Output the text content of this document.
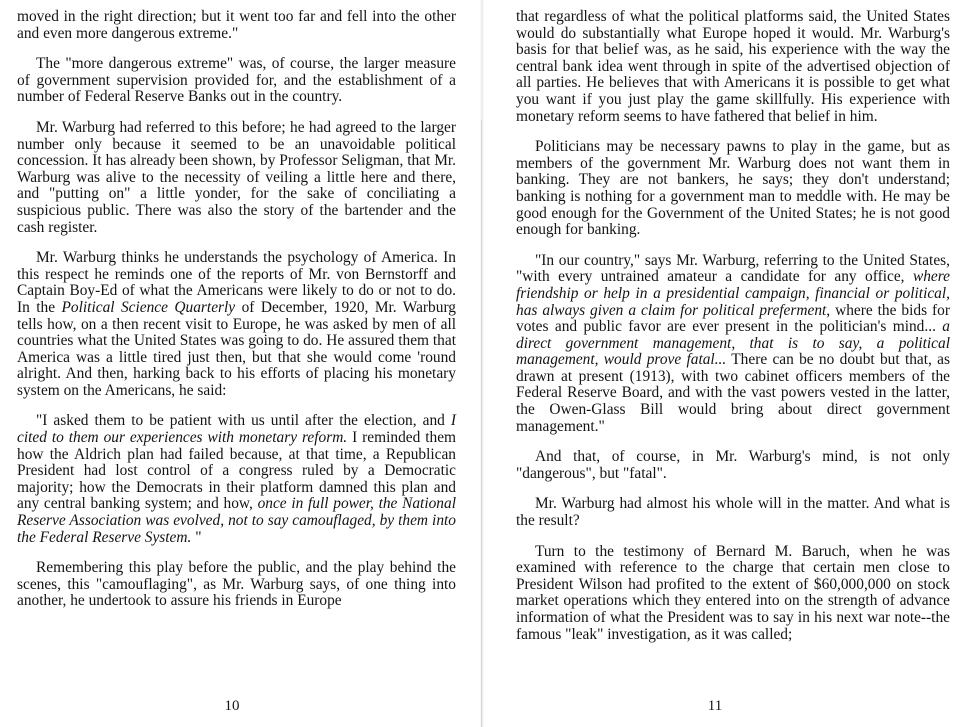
moved in the right direction; but it went too far and fell into the other and even more dangerous extreme."

The "more dangerous extreme" was, of course, the larger measure of government supervision provided for, and the establishment of a number of Federal Reserve Banks out in the country.

Mr. Warburg had referred to this before; he had agreed to the larger number only because it seemed to be an unavoidable political concession. It has already been shown, by Professor Seligman, that Mr. Warburg was alive to the necessity of veiling a little here and there, and "putting on" a little yonder, for the sake of conciliating a suspicious public. There was also the story of the bartender and the cash register.

Mr. Warburg thinks he understands the psychology of America. In this respect he reminds one of the reports of Mr. von Bernstorff and Captain Boy-Ed of what the Americans were likely to do or not to do. In the Political Science Quarterly of December, 1920, Mr. Warburg tells how, on a then recent visit to Europe, he was asked by men of all countries what the United States was going to do. He assured them that America was a little tired just then, but that she would come 'round alright. And then, harking back to his efforts of placing his monetary system on the Americans, he said:

"I asked them to be patient with us until after the election, and I cited to them our experiences with monetary reform. I reminded them how the Aldrich plan had failed because, at that time, a Republican President had lost control of a congress ruled by a Democratic majority; how the Democrats in their platform damned this plan and any central banking system; and how, once in full power, the National Reserve Association was evolved, not to say camouflaged, by them into the Federal Reserve System. "

Remembering this play before the public, and the play behind the scenes, this "camouflaging", as Mr. Warburg says, of one thing into another, he undertook to assure his friends in Europe

10

that regardless of what the political platforms said, the United States would do substantially what Europe hoped it would. Mr. Warburg's basis for that belief was, as he said, his experience with the way the central bank idea went through in spite of the advertised objection of all parties. He believes that with Americans it is possible to get what you want if you just play the game skillfully. His experience with monetary reform seems to have fathered that belief in him.

Politicians may be necessary pawns to play in the game, but as members of the government Mr. Warburg does not want them in banking. They are not bankers, he says; they don't understand; banking is nothing for a government man to meddle with. He may be good enough for the Government of the United States; he is not good enough for banking.

"In our country," says Mr. Warburg, referring to the United States, "with every untrained amateur a candidate for any office, where friendship or help in a presidential campaign, financial or political, has always given a claim for political preferment, where the bids for votes and public favor are ever present in the politician's mind... a direct government management, that is to say, a political management, would prove fatal... There can be no doubt but that, as drawn at present (1913), with two cabinet officers members of the Federal Reserve Board, and with the vast powers vested in the latter, the Owen-Glass Bill would bring about direct government management."

And that, of course, in Mr. Warburg's mind, is not only "dangerous", but "fatal".

Mr. Warburg had almost his whole will in the matter. And what is the result?

Turn to the testimony of Bernard M. Baruch, when he was examined with reference to the charge that certain men close to President Wilson had profited to the extent of $60,000,000 on stock market operations which they entered into on the strength of advance information of what the President was to say in his next war note--the famous "leak" investigation, as it was called;

11
